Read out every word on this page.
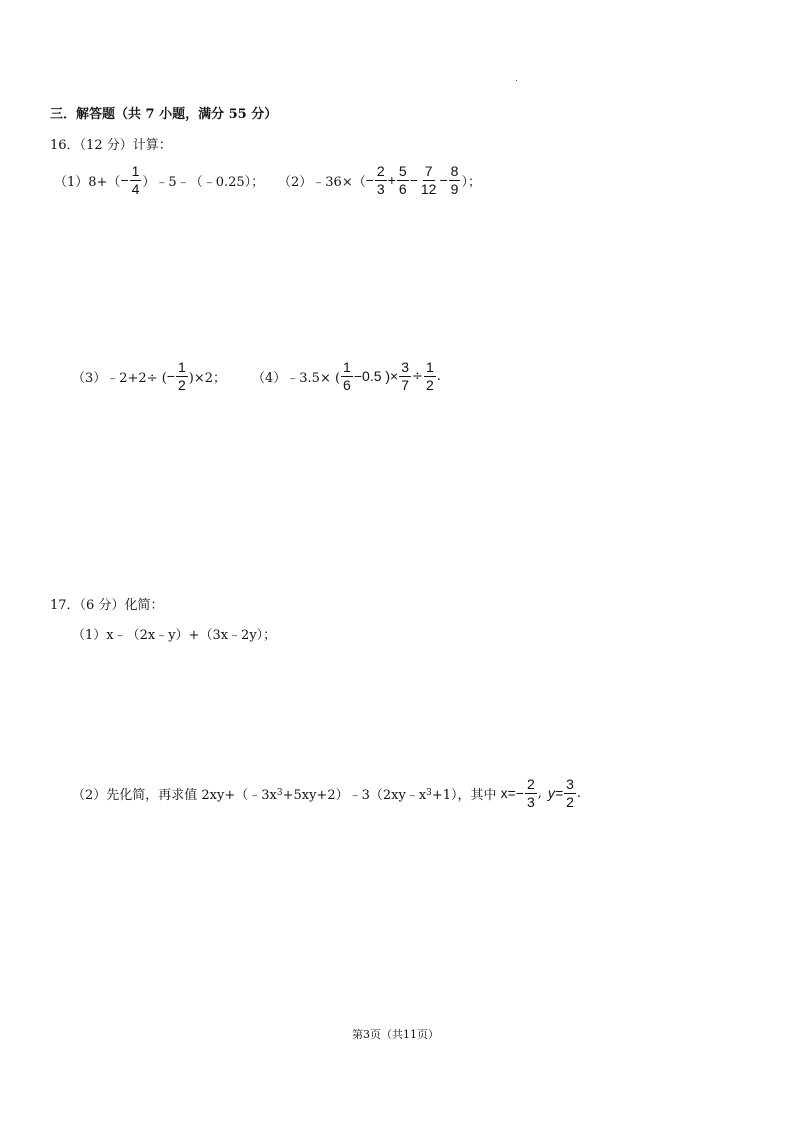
三．解答题（共 7 小题，满分 55 分）
16．（12 分）计算：
$(1)8+( - \frac{1}{4}$ ）﹣5﹣（﹣0.25）； （2）﹣36×（ − $\frac{2}{3} + \frac{5}{6} - \frac{7}{12} - \frac{8}{9}$ ）；
（3）﹣2+2÷ ( − $\frac{1}{2} )\times 2$； （4）﹣3.5× ( $\frac{1}{6} - 0.5$ )× $\frac{3}{7} \div \frac{1}{2}$ .
17．（6 分）化简：
（1）x﹣（2x﹣y）+（3x﹣2y）；
（2）先化简，再求值 2xy+（﹣3x 3 +5xy+2）﹣3（2xy﹣x 3 +1），其中 $x= - \frac{2}{3}$ , $y= \frac{3}{2}$ .
第3页（共11页）
